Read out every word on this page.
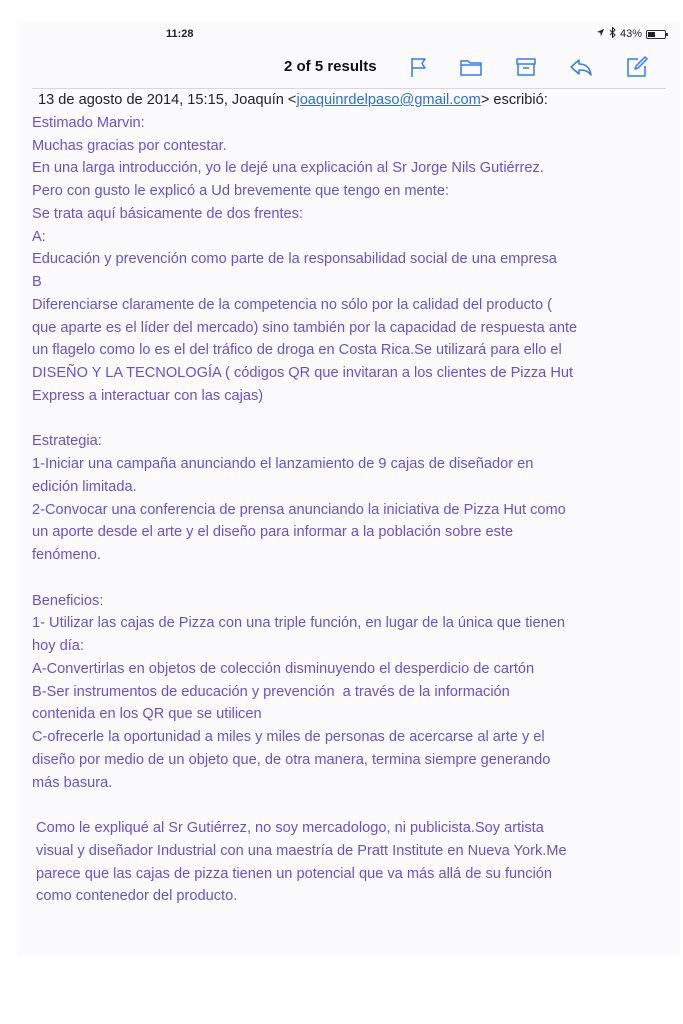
11:28	43%
2 of 5 results
13 de agosto de 2014, 15:15, Joaquín <joaquinrdelpaso@gmail.com> escribió:

Estimado Marvin:

Muchas gracias por contestar.

En una larga introducción, yo le dejé una explicación al Sr Jorge Nils Gutiérrez.

Pero con gusto le explicó a Ud brevemente que tengo en mente:

Se trata aquí básicamente de dos frentes:

A:

Educación y prevención como parte de la responsabilidad social de una empresa

B

Diferenciarse claramente de la competencia no sólo por la calidad del producto (

que aparte es el líder del mercado) sino también por la capacidad de respuesta ante

un flagelo como lo es el del tráfico de droga en Costa Rica.Se utilizará para ello el

DISEÑO Y LA TECNOLOGÍA ( códigos QR que invitaran a los clientes de Pizza Hut

Express a interactuar con las cajas)

Estrategia:

1-Iniciar una campaña anunciando el lanzamiento de 9 cajas de diseñador en

edición limitada.

2-Convocar una conferencia de prensa anunciando la iniciativa de Pizza Hut como

un aporte desde el arte y el diseño para informar a la población sobre este

fenómeno.

Beneficios:

1- Utilizar las cajas de Pizza con una triple función, en lugar de la única que tienen

hoy día:

A-Convertirlas en objetos de colección disminuyendo el desperdicio de cartón

B-Ser instrumentos de educación y prevención  a través de la información

contenida en los QR que se utilicen

C-ofrecerle la oportunidad a miles y miles de personas de acercarse al arte y el

diseño por medio de un objeto que, de otra manera, termina siempre generando

más basura.

Como le expliqué al Sr Gutiérrez, no soy mercadologo, ni publicista.Soy artista

visual y diseñador Industrial con una maestría de Pratt Institute en Nueva York.Me

parece que las cajas de pizza tienen un potencial que va más allá de su función

como contenedor del producto.
